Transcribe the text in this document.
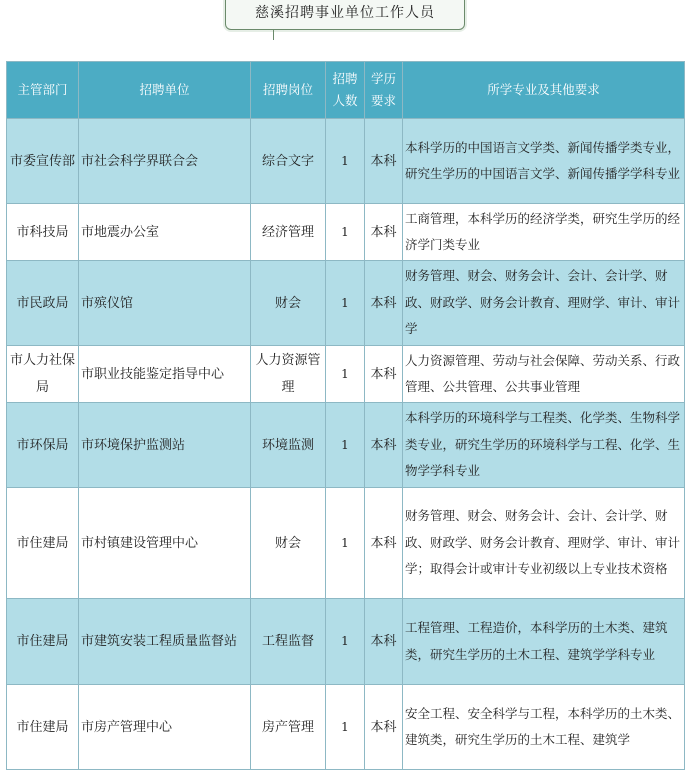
慈溪招聘事业单位工作人员
主管部门	招聘单位	招聘岗位	招聘人数	学历要求	所学专业及其他要求
市委宣传部	市社会科学界联合会	综合文字	1	本科	本科学历的中国语言文学类、新闻传播学类专业，研究生学历的中国语言文学、新闻传播学学科专业
市科技局	市地震办公室	经济管理	1	本科	工商管理，本科学历的经济学类，研究生学历的经济学门类专业
市民政局	市殡仪馆	财会	1	本科	财务管理、财会、财务会计、会计、会计学、财政、财政学、财务会计教育、理财学、审计、审计学
市人力社保局	市职业技能鉴定指导中心	人力资源管理	1	本科	人力资源管理、劳动与社会保障、劳动关系、行政管理、公共管理、公共事业管理
市环保局	市环境保护监测站	环境监测	1	本科	本科学历的环境科学与工程类、化学类、生物科学类专业，研究生学历的环境科学与工程、化学、生物学学科专业
市住建局	市村镇建设管理中心	财会	1	本科	财务管理、财会、财务会计、会计、会计学、财政、财政学、财务会计教育、理财学、审计、审计学；取得会计或审计专业初级以上专业技术资格
市住建局	市建筑安装工程质量监督站	工程监督	1	本科	工程管理、工程造价，本科学历的土木类、建筑类，研究生学历的土木工程、建筑学学科专业
市住建局	市房产管理中心	房产管理	1	本科	安全工程、安全科学与工程，本科学历的土木类、建筑类，研究生学历的土木工程、建筑学
